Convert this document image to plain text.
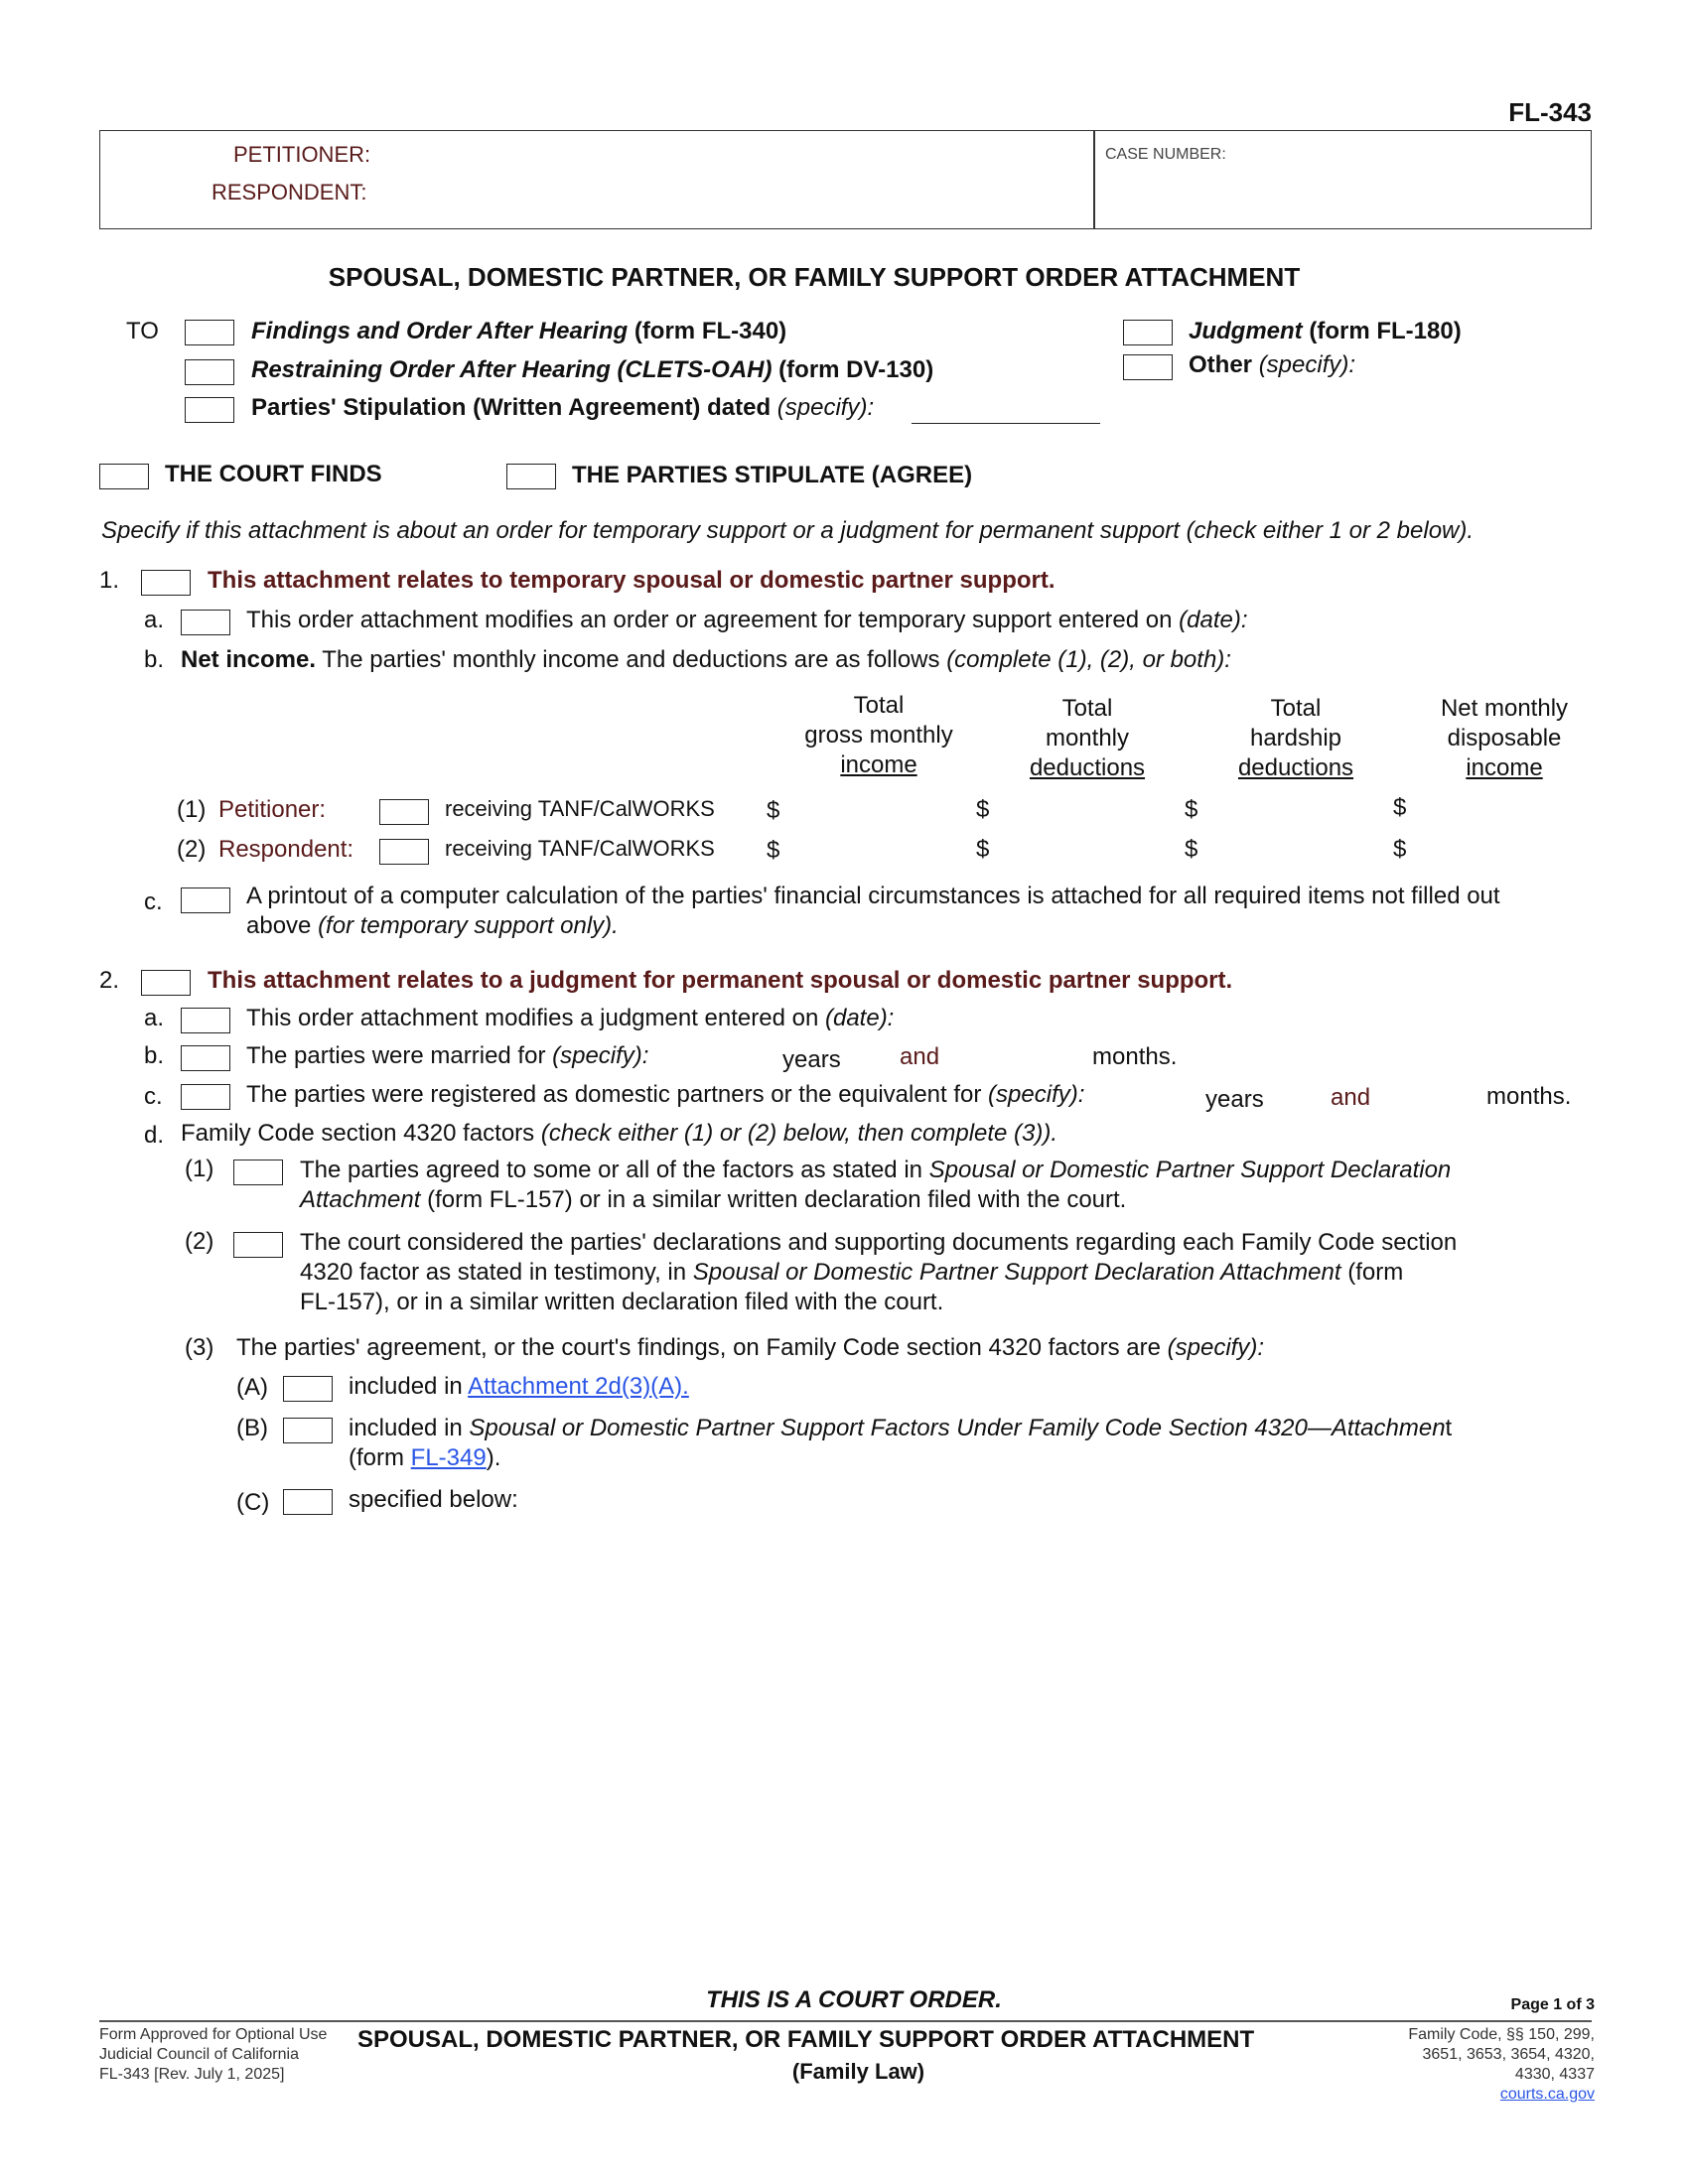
FL-343
PETITIONER:
RESPONDENT:
CASE NUMBER:
SPOUSAL, DOMESTIC PARTNER, OR FAMILY SUPPORT ORDER ATTACHMENT
TO	Findings and Order After Hearing (form FL-340)
Restraining Order After Hearing (CLETS-OAH) (form DV-130)
Parties' Stipulation (Written Agreement) dated (specify):
Judgment (form FL-180)
Other (specify):
THE COURT FINDS	THE PARTIES STIPULATE (AGREE)
Specify if this attachment is about an order for temporary support or a judgment for permanent support (check either 1 or 2 below).
1.	This attachment relates to temporary spousal or domestic partner support.
a.	This order attachment modifies an order or agreement for temporary support entered on (date):
b. Net income. The parties' monthly income and deductions are as follows (complete (1), (2), or both):
Total
gross monthly
income
Total
monthly
deductions
Total
hardship
deductions
Net monthly
disposable
income
(1) Petitioner:	receiving TANF/CalWORKS $	$	$	$
(2) Respondent:	receiving TANF/CalWORKS $	$	$	$
c.	A printout of a computer calculation of the parties' financial circumstances is attached for all required items not filled out
above (for temporary support only).
2.	This attachment relates to a judgment for permanent spousal or domestic partner support.
a.	This order attachment modifies a judgment entered on (date):
b.	The parties were married for (specify):	years and	months.
c.	The parties were registered as domestic partners or the equivalent for (specify):	years	and	months.
d. Family Code section 4320 factors (check either (1) or (2) below, then complete (3)).
(1)	The parties agreed to some or all of the factors as stated in Spousal or Domestic Partner Support Declaration
Attachment (form FL-157) or in a similar written declaration filed with the court.
(2)	The court considered the parties' declarations and supporting documents regarding each Family Code section
4320 factor as stated in testimony, in Spousal or Domestic Partner Support Declaration Attachment (form
FL-157), or in a similar written declaration filed with the court.
(3) The parties' agreement, or the court's findings, on Family Code section 4320 factors are (specify):
(A)	included in Attachment 2d(3)(A).
(B)	included in Spousal or Domestic Partner Support Factors Under Family Code Section 4320—Attachment
(form FL-349).
(C)	specified below:
THIS IS A COURT ORDER.	Page 1 of 3
Form Approved for Optional Use
Judicial Council of California
FL-343 [Rev. July 1, 2025]
SPOUSAL, DOMESTIC PARTNER, OR FAMILY SUPPORT ORDER ATTACHMENT
(Family Law)
Family Code, §§ 150, 299,
3651, 3653, 3654, 4320,
4330, 4337
courts.ca.gov
